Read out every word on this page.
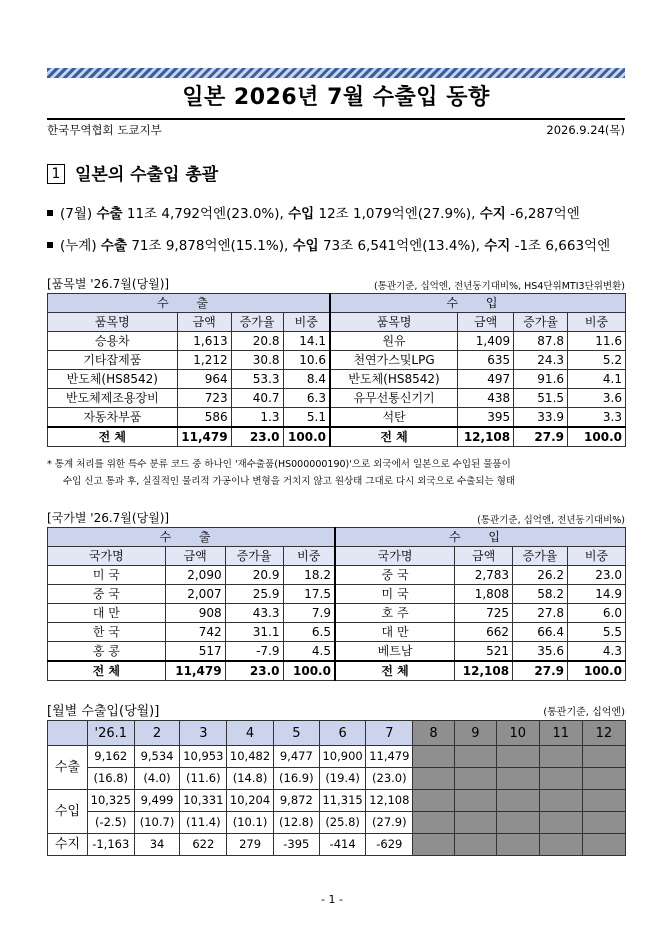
일본 2026년 7월 수출입 동향
한국무역협회 도쿄지부	2026.9.24(목)
1 일본의 수출입 총괄
(7월) 수출 11조 4,792억엔(23.0%), 수입 12조 1,079억엔(27.9%), 수지 -6,287억엔
(누계) 수출 71조 9,878억엔(15.1%), 수입 73조 6,541억엔(13.4%), 수지 -1조 6,663억엔
[품목별 '26.7월(당월)]	(통관기준, 십억엔, 전년동기대비%, HS4단위MTI3단위변환)
수 출				수 입			
품목명	금액	증가율	비중	품목명	금액	증가율	비중
승용차	1,613	20.8	14.1	원유	1,409	87.8	11.6
기타잡제품	1,212	30.8	10.6	천연가스및LPG	635	24.3	5.2
반도체(HS8542)	964	53.3	8.4	반도체(HS8542)	497	91.6	4.1
반도체제조용장비	723	40.7	6.3	유무선통신기기	438	51.5	3.6
자동차부품	586	1.3	5.1	석탄	395	33.9	3.3
전 체	11,479	23.0	100.0	전 체	12,108	27.9	100.0
* 통계 처리를 위한 특수 분류 코드 중 하나인 '재수출품(HS000000190)'으로 외국에서 일본으로 수입된 물품이
수입 신고 통과 후, 실질적인 물리적 가공이나 변형을 거치지 않고 원상태 그대로 다시 외국으로 수출되는 형태
[국가별 '26.7월(당월)]	(통관기준, 십억엔, 전년동기대비%)
수 출				수 입			
국가명	금액	증가율	비중	국가명	금액	증가율	비중
미 국	2,090	20.9	18.2	중 국	2,783	26.2	23.0
중 국	2,007	25.9	17.5	미 국	1,808	58.2	14.9
대 만	908	43.3	7.9	호 주	725	27.8	6.0
한 국	742	31.1	6.5	대 만	662	66.4	5.5
홍 콩	517	-7.9	4.5	베트남	521	35.6	4.3
전 체	11,479	23.0	100.0	전 체	12,108	27.9	100.0
[월별 수출입(당월)]	(통관기준, 십억엔)
	'26.1	2	3	4	5	6	7	8	9	10	11	12
수출	9,162	9,534	10,953	10,482	9,477	10,900	11,479					
	(16.8)	(4.0)	(11.6)	(14.8)	(16.9)	(19.4)	(23.0)					
수입	10,325	9,499	10,331	10,204	9,872	11,315	12,108					
	(-2.5)	(10.7)	(11.4)	(10.1)	(12.8)	(25.8)	(27.9)					
수지	-1,163	34	622	279	-395	-414	-629					
- 1 -
